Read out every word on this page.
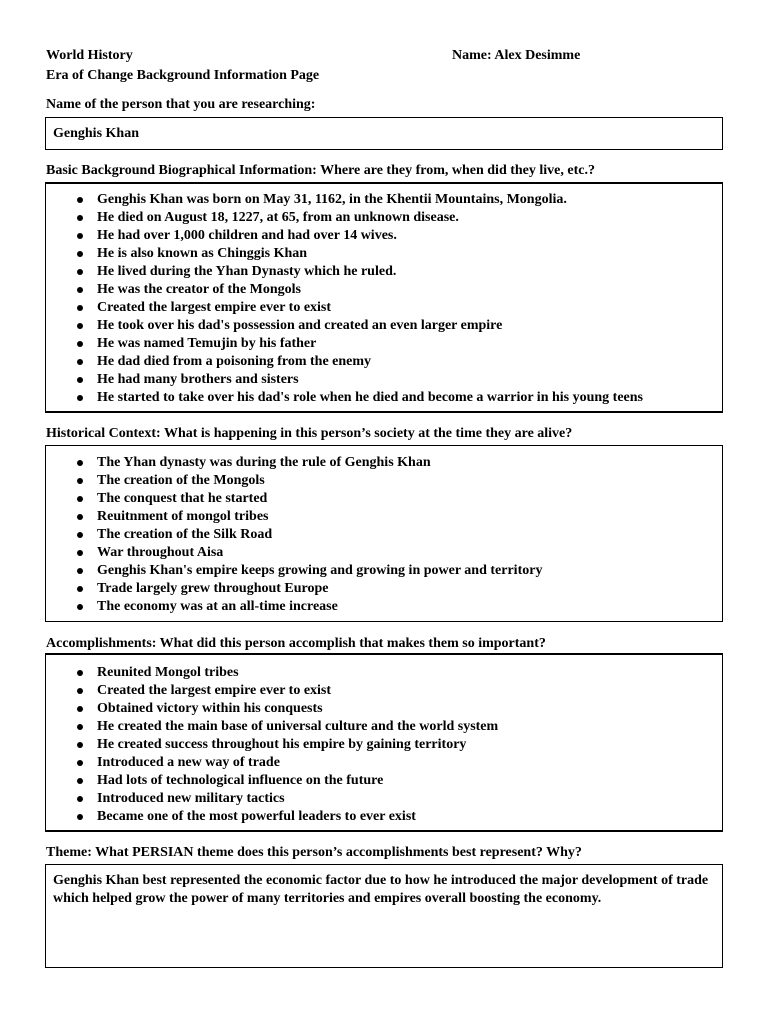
World History
Era of Change Background Information Page
Name: Alex Desimme
Name of the person that you are researching:
Genghis Khan
Basic Background Biographical Information: Where are they from, when did they live, etc.?
Genghis Khan was born on May 31, 1162, in the Khentii Mountains, Mongolia.
He died on August 18, 1227, at 65, from an unknown disease.
He had over 1,000 children and had over 14 wives.
He is also known as Chinggis Khan
He lived during the Yhan Dynasty which he ruled.
He was the creator of the Mongols
Created the largest empire ever to exist
He took over his dad's possession and created an even larger empire
He was named Temujin by his father
He dad died from a poisoning from the enemy
He had many brothers and sisters
He started to take over his dad's role when he died and become a warrior in his young teens
Historical Context: What is happening in this person’s society at the time they are alive?
The Yhan dynasty was during the rule of Genghis Khan
The creation of the Mongols
The conquest that he started
Reuitnment of mongol tribes
The creation of the Silk Road
War throughout Aisa
Genghis Khan's empire keeps growing and growing in power and territory
Trade largely grew throughout Europe
The economy was at an all-time increase
Accomplishments: What did this person accomplish that makes them so important?
Reunited Mongol tribes
Created the largest empire ever to exist
Obtained victory within his conquests
He created the main base of universal culture and the world system
He created success throughout his empire by gaining territory
Introduced a new way of trade
Had lots of technological influence on the future
Introduced new military tactics
Became one of the most powerful leaders to ever exist
Theme: What PERSIAN theme does this person’s accomplishments best represent? Why?
Genghis Khan best represented the economic factor due to how he introduced the major development of trade which helped grow the power of many territories and empires overall boosting the economy.
